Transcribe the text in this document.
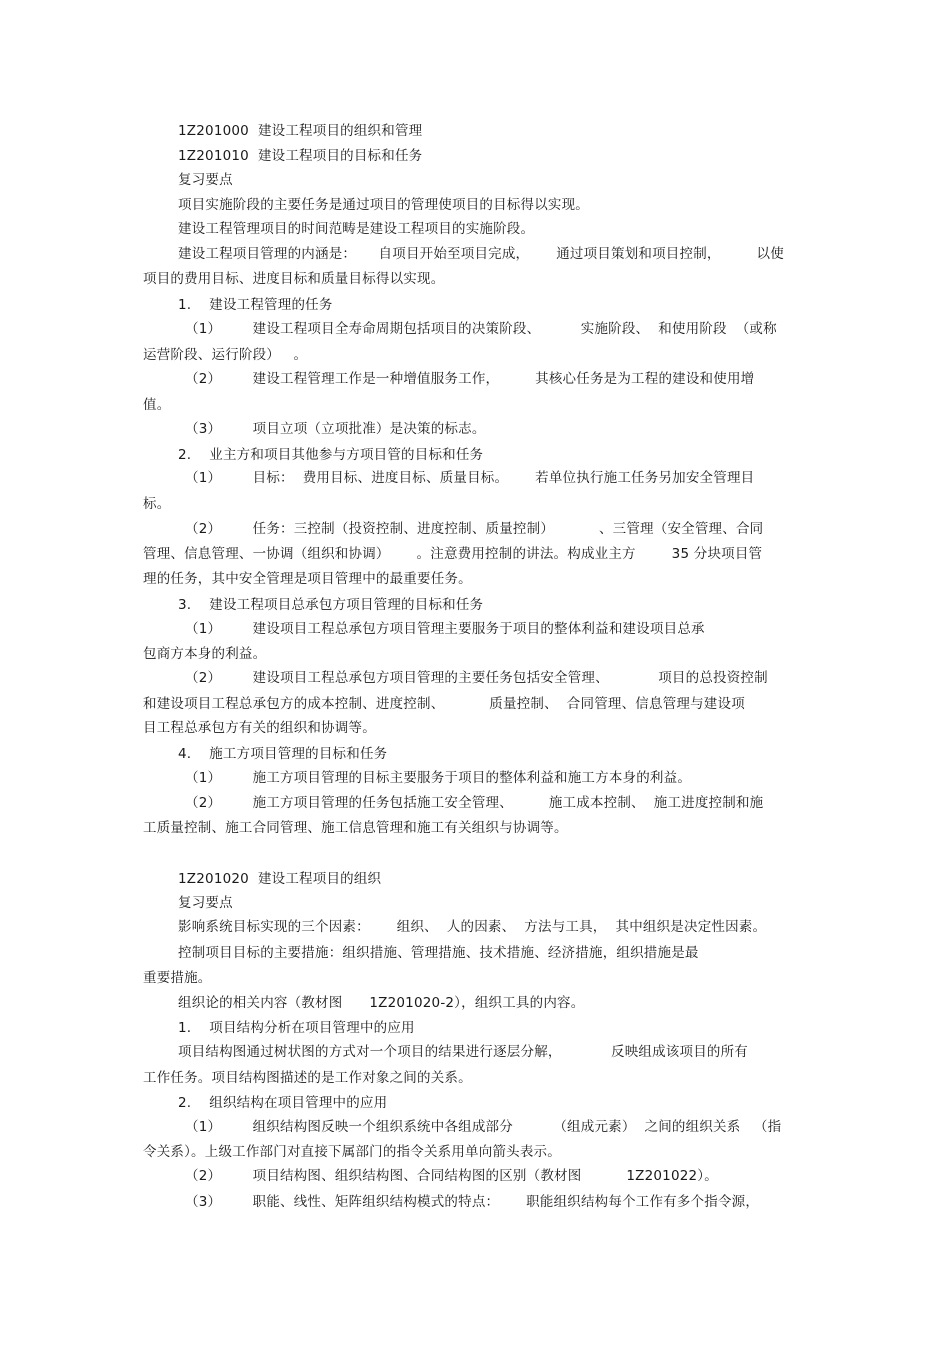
1Z201000  建设工程项目的组织和管理
1Z201010  建设工程项目的目标和任务
复习要点
项目实施阶段的主要任务是通过项目的管理使项目的目标得以实现。
建设工程管理项目的时间范畴是建设工程项目的实施阶段。
建设工程项目管理的内涵是：     自项目开始至项目完成，      通过项目策划和项目控制，        以使
项目的费用目标、进度目标和质量目标得以实现。
1.    建设工程管理的任务
（1）       建设工程项目全寿命周期包括项目的决策阶段、         实施阶段、  和使用阶段  （或称
运营阶段、运行阶段）   。
（2）       建设工程管理工作是一种增值服务工作，        其核心任务是为工程的建设和使用增
值。
（3）       项目立项（立项批准）是决策的标志。
2.    业主方和项目其他参与方项目管的目标和任务
（1）       目标：  费用目标、进度目标、质量目标。      若单位执行施工任务另加安全管理目
标。
（2）       任务：三控制（投资控制、进度控制、质量控制）          、三管理（安全管理、合同
管理、信息管理、一协调（组织和协调）      。注意费用控制的讲法。构成业主方        35 分块项目管
理的任务，其中安全管理是项目管理中的最重要任务。
3.    建设工程项目总承包方项目管理的目标和任务
（1）       建设项目工程总承包方项目管理主要服务于项目的整体利益和建设项目总承
包商方本身的利益。
（2）       建设项目工程总承包方项目管理的主要任务包括安全管理、           项目的总投资控制
和建设项目工程总承包方的成本控制、进度控制、          质量控制、  合同管理、信息管理与建设项
目工程总承包方有关的组织和协调等。
4.    施工方项目管理的目标和任务
（1）       施工方项目管理的目标主要服务于项目的整体利益和施工方本身的利益。
（2）       施工方项目管理的任务包括施工安全管理、        施工成本控制、  施工进度控制和施
工质量控制、施工合同管理、施工信息管理和施工有关组织与协调等。
1Z201020  建设工程项目的组织
复习要点
影响系统目标实现的三个因素：      组织、  人的因素、  方法与工具，  其中组织是决定性因素。
控制项目目标的主要措施：组织措施、管理措施、技术措施、经济措施，组织措施是最
重要措施。
组织论的相关内容（教材图      1Z201020-2），组织工具的内容。
1.    项目结构分析在项目管理中的应用
项目结构图通过树状图的方式对一个项目的结果进行逐层分解，           反映组成该项目的所有
工作任务。项目结构图描述的是工作对象之间的关系。
2.    组织结构在项目管理中的应用
（1）       组织结构图反映一个组织系统中各组成部分         （组成元素）  之间的组织关系   （指
令关系）。上级工作部门对直接下属部门的指令关系用单向箭头表示。
（2）       项目结构图、组织结构图、合同结构图的区别（教材图          1Z201022）。
（3）       职能、线性、矩阵组织结构模式的特点：      职能组织结构每个工作有多个指令源，
